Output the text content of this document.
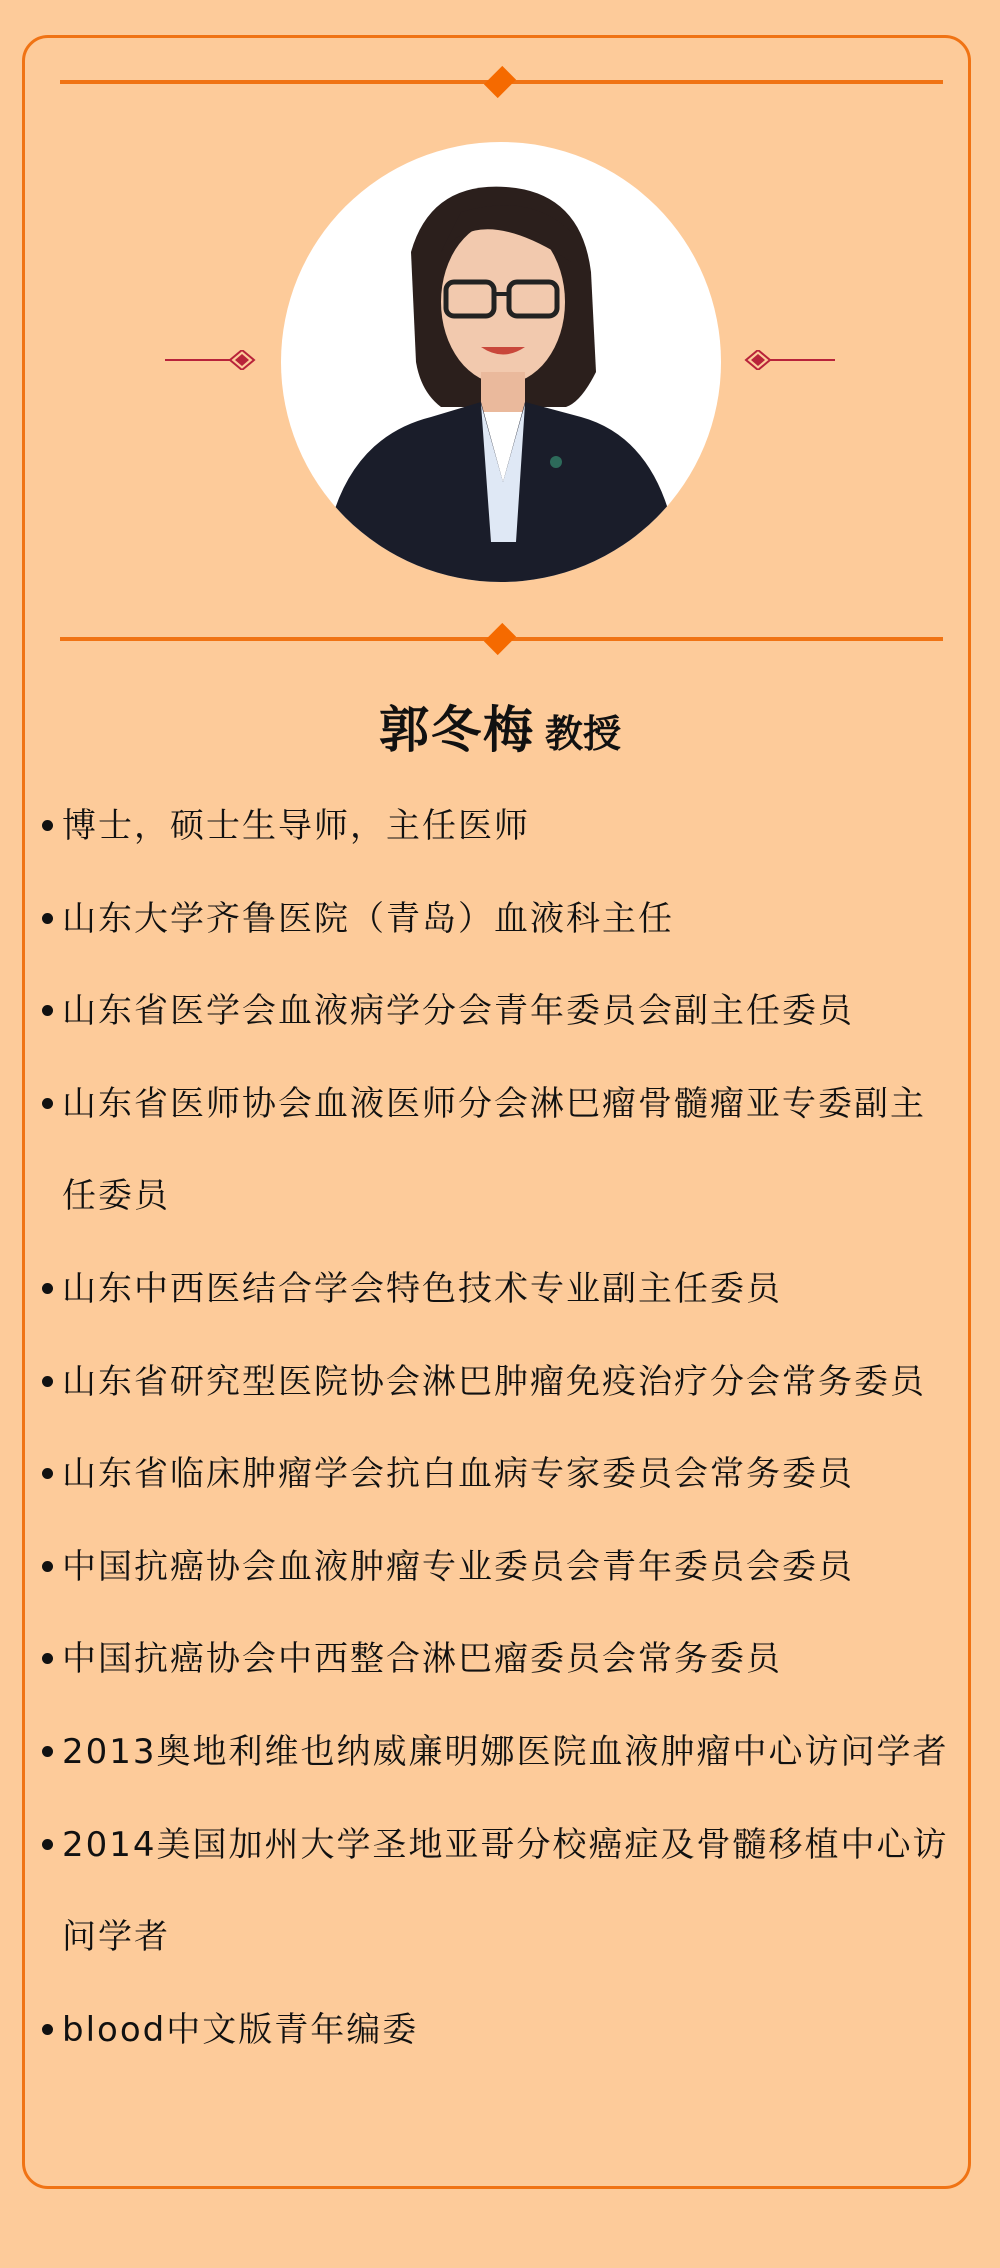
郭冬梅 教授
博士，硕士生导师，主任医师
山东大学齐鲁医院（青岛）血液科主任
山东省医学会血液病学分会青年委员会副主任委员
山东省医师协会血液医师分会淋巴瘤骨髓瘤亚专委副主任委员
山东中西医结合学会特色技术专业副主任委员
山东省研究型医院协会淋巴肿瘤免疫治疗分会常务委员
山东省临床肿瘤学会抗白血病专家委员会常务委员
中国抗癌协会血液肿瘤专业委员会青年委员会委员
中国抗癌协会中西整合淋巴瘤委员会常务委员
2013奥地利维也纳威廉明娜医院血液肿瘤中心访问学者
2014美国加州大学圣地亚哥分校癌症及骨髓移植中心访问学者
blood中文版青年编委
